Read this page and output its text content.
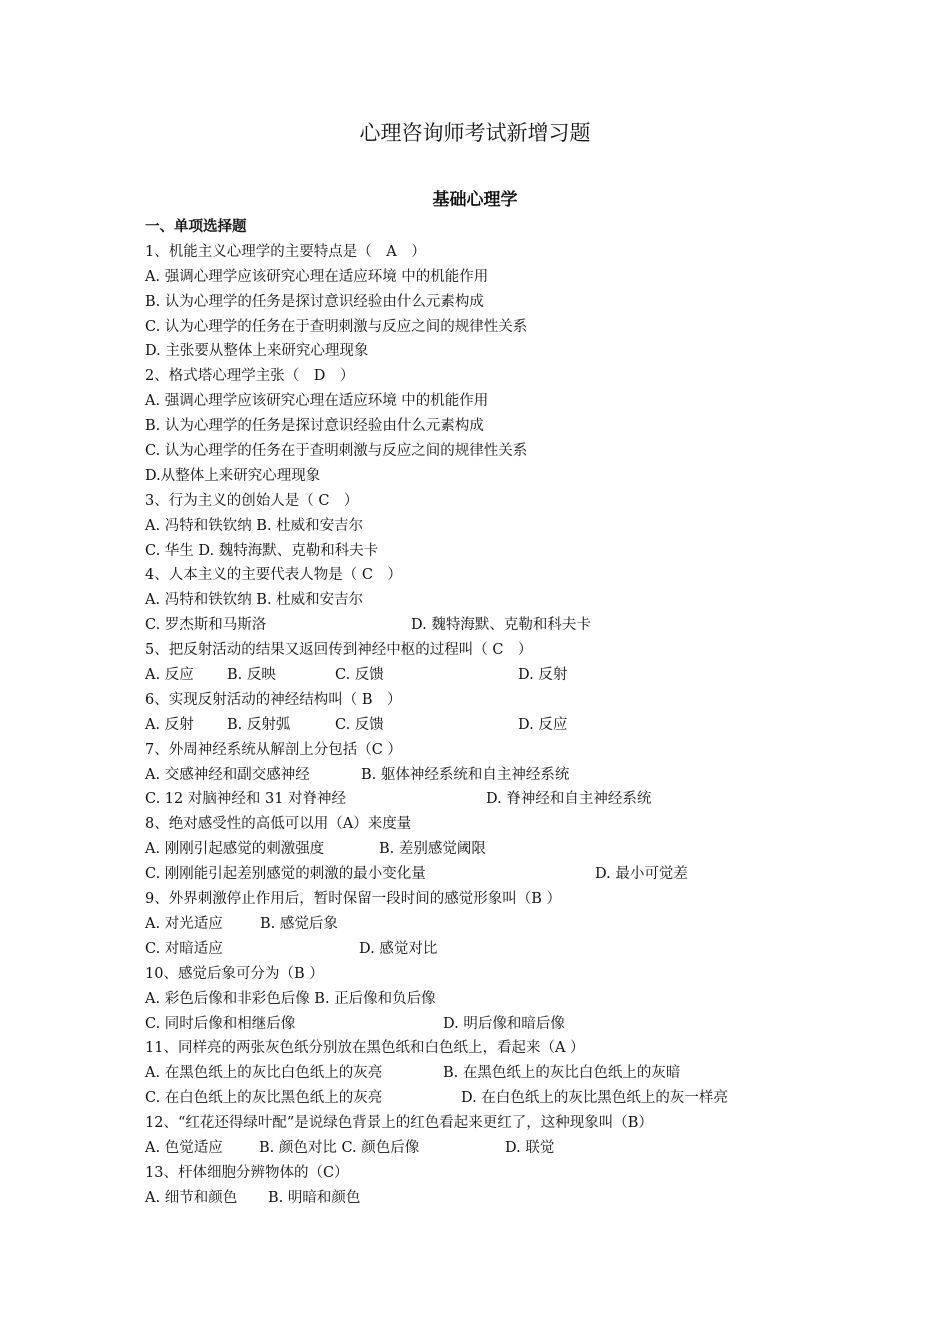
心理咨询师考试新增习题
基础心理学
一、单项选择题
1、机能主义心理学的主要特点是（　A　）
A. 强调心理学应该研究心理在适应环境 中的机能作用
B. 认为心理学的任务是探讨意识经验由什么元素构成
C. 认为心理学的任务在于查明刺激与反应之间的规律性关系
D. 主张要从整体上来研究心理现象
2、格式塔心理学主张（　D　）
A. 强调心理学应该研究心理在适应环境 中的机能作用
B. 认为心理学的任务是探讨意识经验由什么元素构成
C. 认为心理学的任务在于查明刺激与反应之间的规律性关系
D.从整体上来研究心理现象
3、行为主义的创始人是（ C　）
A. 冯特和铁钦纳 B. 杜威和安吉尔
C. 华生 D. 魏特海默、克勒和科夫卡
4、人本主义的主要代表人物是（ C　）
A. 冯特和铁钦纳 B. 杜威和安吉尔
C. 罗杰斯和马斯洛	D. 魏特海默、克勒和科夫卡
5、把反射活动的结果又返回传到神经中枢的过程叫（ C　）
A. 反应 B. 反映	C. 反馈	D. 反射
6、实现反射活动的神经结构叫（ B　）
A. 反射 B. 反射弧	C. 反馈	D. 反应
7、外周神经系统从解剖上分包括（C ）
A. 交感神经和副交感神经	B. 躯体神经系统和自主神经系统
C. 12 对脑神经和 31 对脊神经	D. 脊神经和自主神经系统
8、绝对感受性的高低可以用（A）来度量
A. 刚刚引起感觉的刺激强度	B. 差别感觉阈限
C. 刚刚能引起差别感觉的刺激的最小变化量	D. 最小可觉差
9、外界刺激停止作用后，暂时保留一段时间的感觉形象叫（B ）
A. 对光适应	B. 感觉后象
C. 对暗适应	D. 感觉对比
10、感觉后象可分为（B ）
A. 彩色后像和非彩色后像 B. 正后像和负后像
C. 同时后像和相继后像	D. 明后像和暗后像
11、同样亮的两张灰色纸分别放在黑色纸和白色纸上，看起来（A ）
A. 在黑色纸上的灰比白色纸上的灰亮	B. 在黑色纸上的灰比白色纸上的灰暗
C. 在白色纸上的灰比黑色纸上的灰亮	D. 在白色纸上的灰比黑色纸上的灰一样亮
12、“红花还得绿叶配”是说绿色背景上的红色看起来更红了，这种现象叫（B）
A. 色觉适应	B. 颜色对比 C. 颜色后像	D. 联觉
13、杆体细胞分辨物体的（C）
A. 细节和颜色 B. 明暗和颜色
